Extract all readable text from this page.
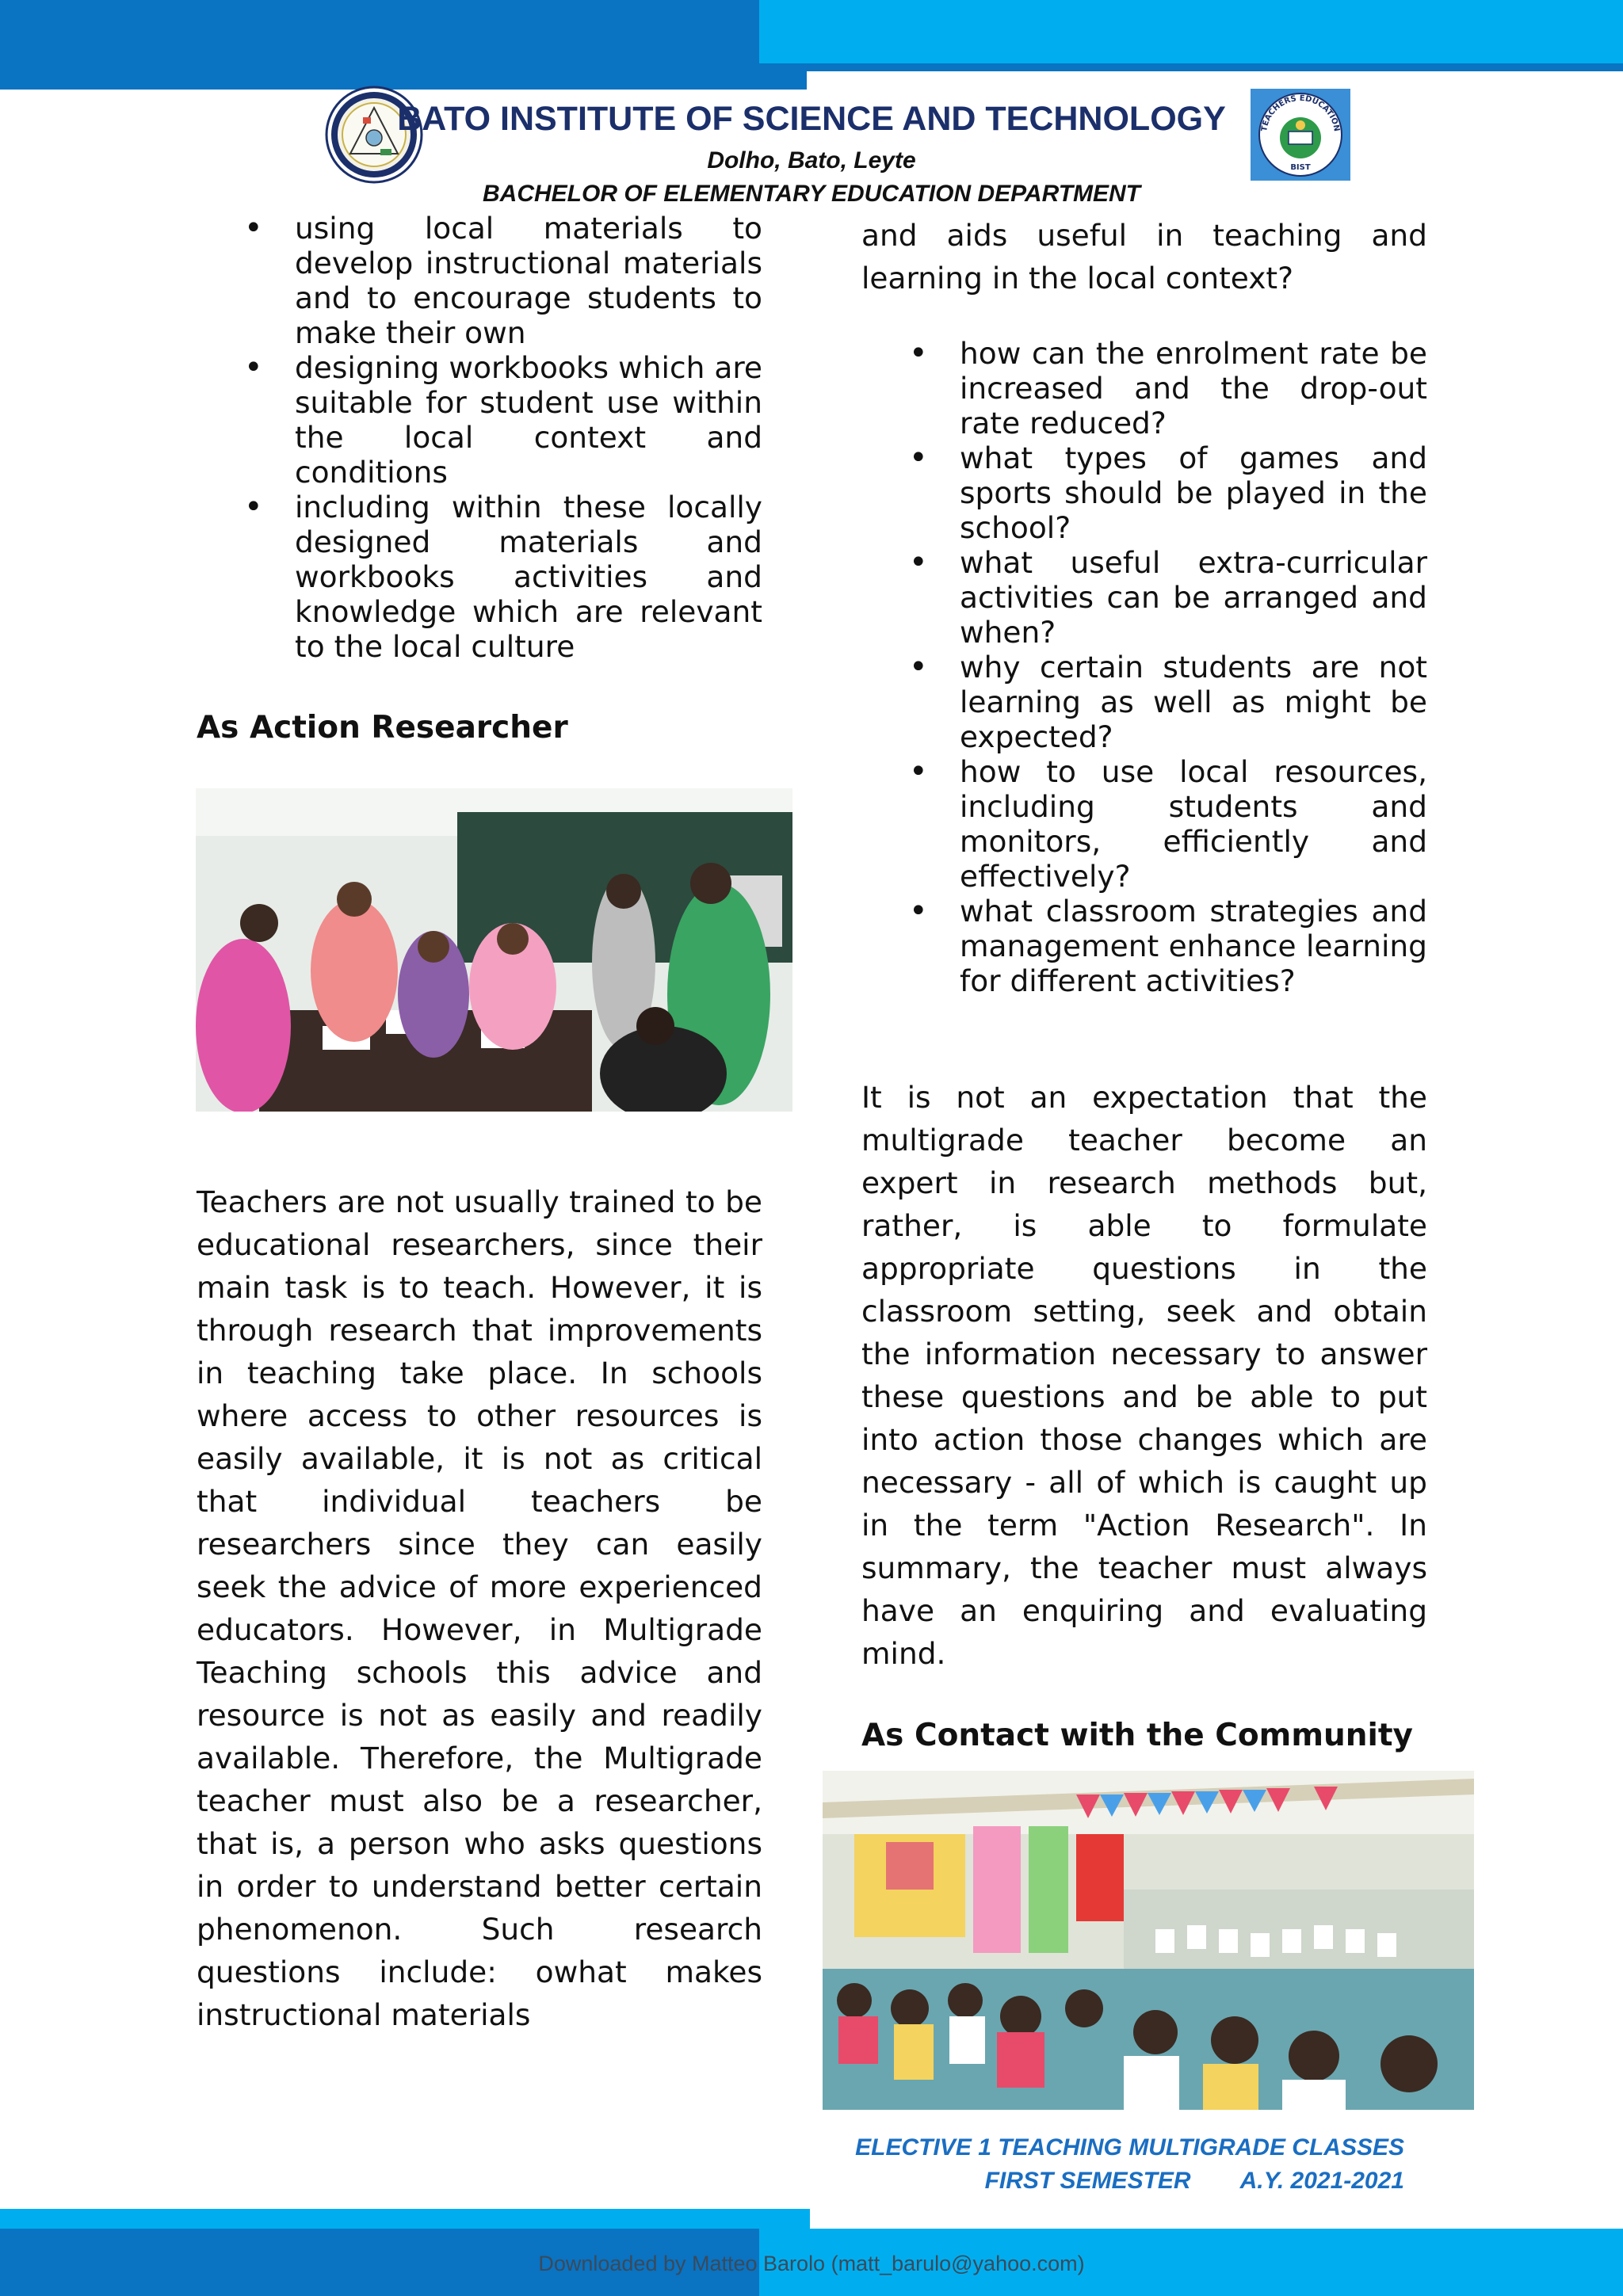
TEACHERS EDUCATION
BIST
BATO INSTITUTE OF SCIENCE AND TECHNOLOGY
Dolho, Bato, Leyte
BACHELOR OF ELEMENTARY EDUCATION DEPARTMENT
• using local materials to develop instructional materials and to encourage students to make their own
• designing workbooks which are suitable for student use within the local context and conditions
• including within these locally designed materials and workbooks activities and knowledge which are relevant to the local culture
As Action Researcher

Teachers are not usually trained to be educational researchers, since their main task is to teach. However, it is through research that improvements in teaching take place. In schools where access to other resources is easily available, it is not as critical that individual teachers be researchers since they can easily seek the advice of more experienced educators. However, in Multigrade Teaching schools this advice and resource is not as easily and readily available. Therefore, the Multigrade teacher must also be a researcher, that is, a person who asks questions in order to understand better certain phenomenon. Such research questions include: owhat makes instructional materials

and aids useful in teaching and learning in the local context?

• how can the enrolment rate be increased and the drop-out rate reduced?
• what types of games and sports should be played in the school?
• what useful extra-curricular activities can be arranged and when?
• why certain students are not learning as well as might be expected?
• how to use local resources, including students and monitors, efficiently and effectively?
• what classroom strategies and management enhance learning for different activities?

It is not an expectation that the multigrade teacher become an expert in research methods but, rather, is able to formulate appropriate questions in the classroom setting, seek and obtain the information necessary to answer these questions and be able to put into action those changes which are necessary - all of which is caught up in the term "Action Research". In summary, the teacher must always have an enquiring and evaluating mind.

As Contact with the Community
ELECTIVE 1 TEACHING MULTIGRADE CLASSES
FIRST SEMESTER A.Y. 2021-2021
Downloaded by Matteo Barolo (matt_barulo@yahoo.com)
